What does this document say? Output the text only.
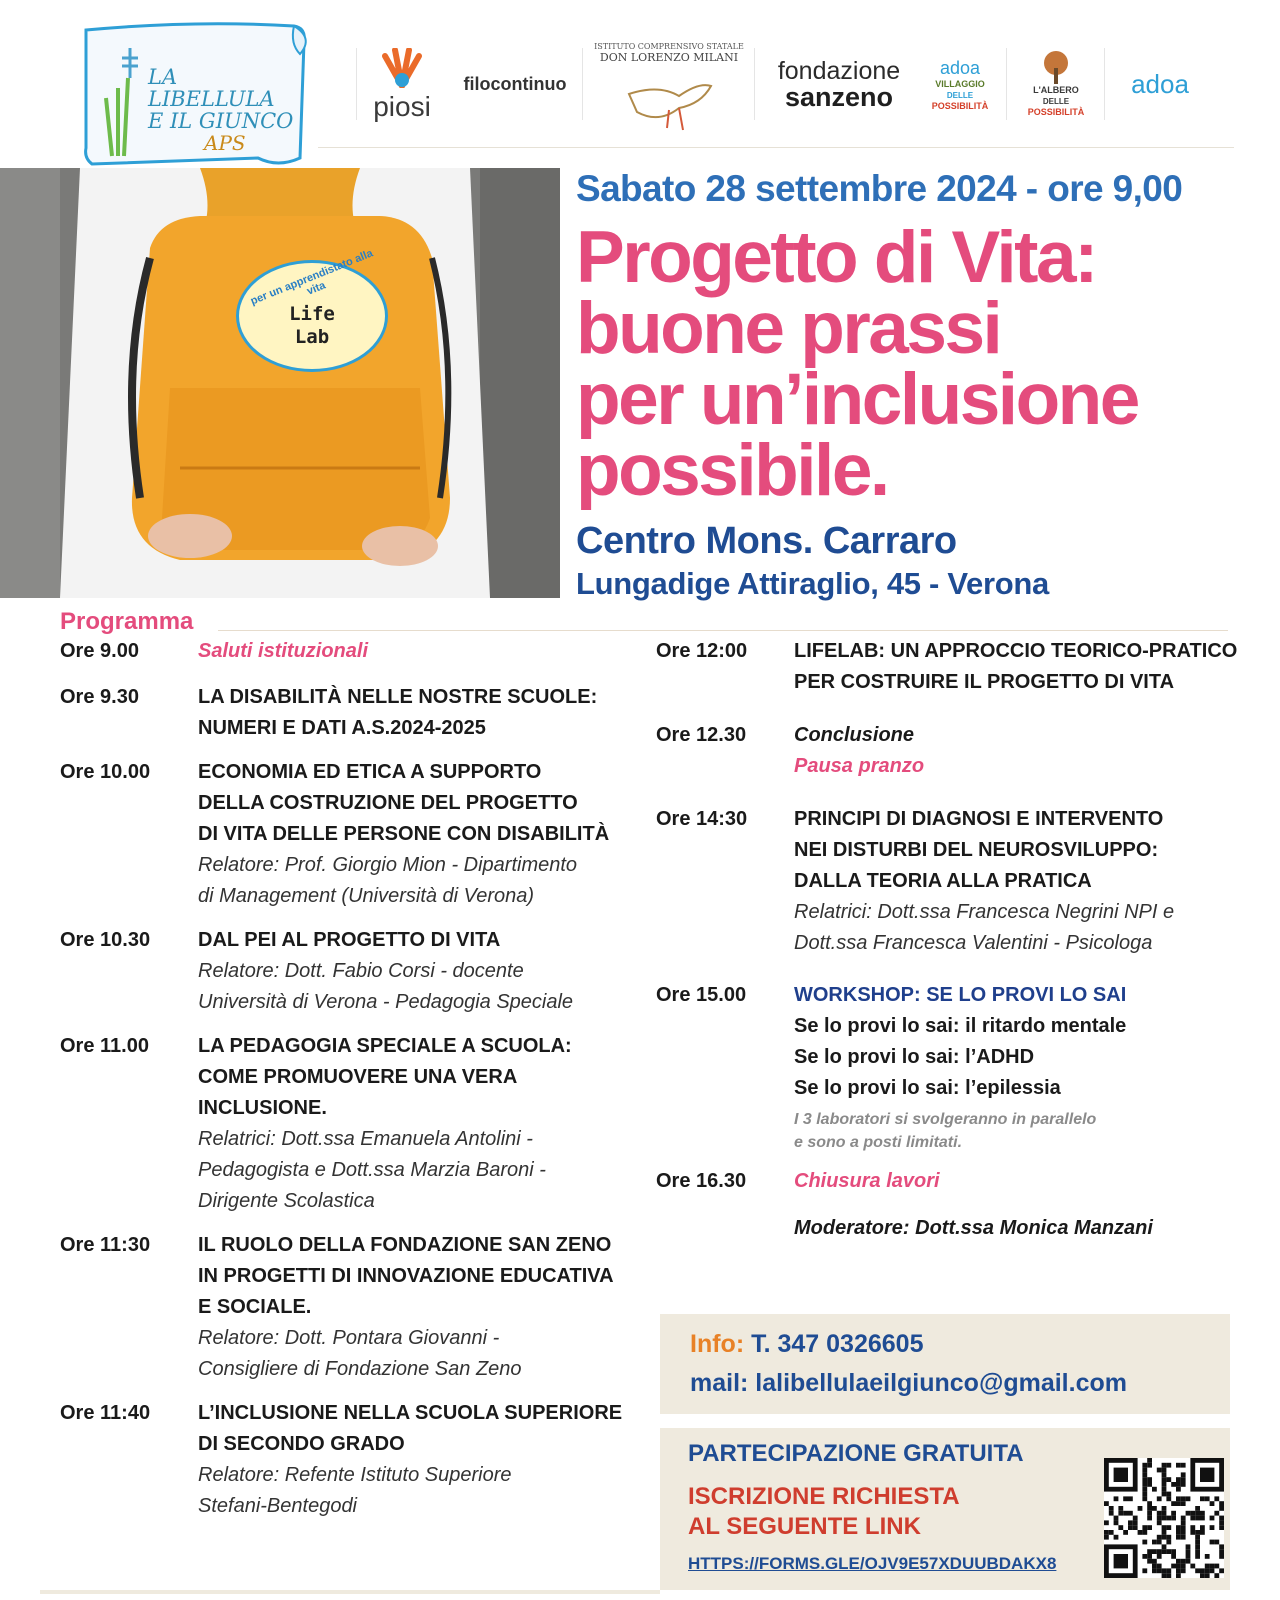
LA LIBELLULA
E IL GIUNCO
APS
piosi
filocontinuo
ISTITUTO COMPRENSIVO STATALE
DON LORENZO MILANI fondazione
sanzeno
adoa
VILLAGGIO
DELLE
POSSIBILITÀ
L'ALBERO
DELLE
POSSIBILITÀ
adoa
per un apprendistato alla vita
Life
Lab
Sabato 28 settembre 2024 - ore 9,00
Progetto di Vita:
buone prassi
per un’inclusione
possibile.
Centro Mons. Carraro
Lungadige Attiraglio, 45 - Verona
Programma
Ore 9.00	Saluti istituzionali
Ore 9.30	LA DISABILITÀ NELLE NOSTRE SCUOLE:
NUMERI E DATI A.S.2024-2025
Ore 10.00 ECONOMIA ED ETICA A SUPPORTO
DELLA COSTRUZIONE DEL PROGETTO
DI VITA DELLE PERSONE CON DISABILITÀ
Relatore: Prof. Giorgio Mion - Dipartimento
di Management (Università di Verona)
Ore 10.30 DAL PEI AL PROGETTO DI VITA
Relatore: Dott. Fabio Corsi - docente
Università di Verona - Pedagogia Speciale
Ore 11.00 LA PEDAGOGIA SPECIALE A SCUOLA:
COME PROMUOVERE UNA VERA
INCLUSIONE.
Relatrici: Dott.ssa Emanuela Antolini -
Pedagogista e Dott.ssa Marzia Baroni -
Dirigente Scolastica
Ore 11:30 IL RUOLO DELLA FONDAZIONE SAN ZENO
IN PROGETTI DI INNOVAZIONE EDUCATIVA
E SOCIALE.
Relatore: Dott. Pontara Giovanni -
Consigliere di Fondazione San Zeno
Ore 11:40 L’INCLUSIONE NELLA SCUOLA SUPERIORE
DI SECONDO GRADO
Relatore: Refente Istituto Superiore
Stefani-Bentegodi
Ore 12:00 LIFELAB: UN APPROCCIO TEORICO-PRATICO
PER COSTRUIRE IL PROGETTO DI VITA
Ore 12.30 Conclusione
Pausa pranzo
Ore 14:30 PRINCIPI DI DIAGNOSI E INTERVENTO
NEI DISTURBI DEL NEUROSVILUPPO:
DALLA TEORIA ALLA PRATICA
Relatrici: Dott.ssa Francesca Negrini NPI e
Dott.ssa Francesca Valentini - Psicologa
Ore 15.00 WORKSHOP: SE LO PROVI LO SAI
Se lo provi lo sai: il ritardo mentale
Se lo provi lo sai: l’ADHD
Se lo provi lo sai: l’epilessia
I 3 laboratori si svolgeranno in parallelo
e sono a posti limitati.
Ore 16.30 Chiusura lavori
Moderatore: Dott.ssa Monica Manzani
Info: T. 347 0326605
mail: lalibellulaeilgiunco@gmail.com
PARTECIPAZIONE GRATUITA
ISCRIZIONE RICHIESTA
AL SEGUENTE LINK
HTTPS://FORMS.GLE/OJV9E57XDUUBDAKX8
